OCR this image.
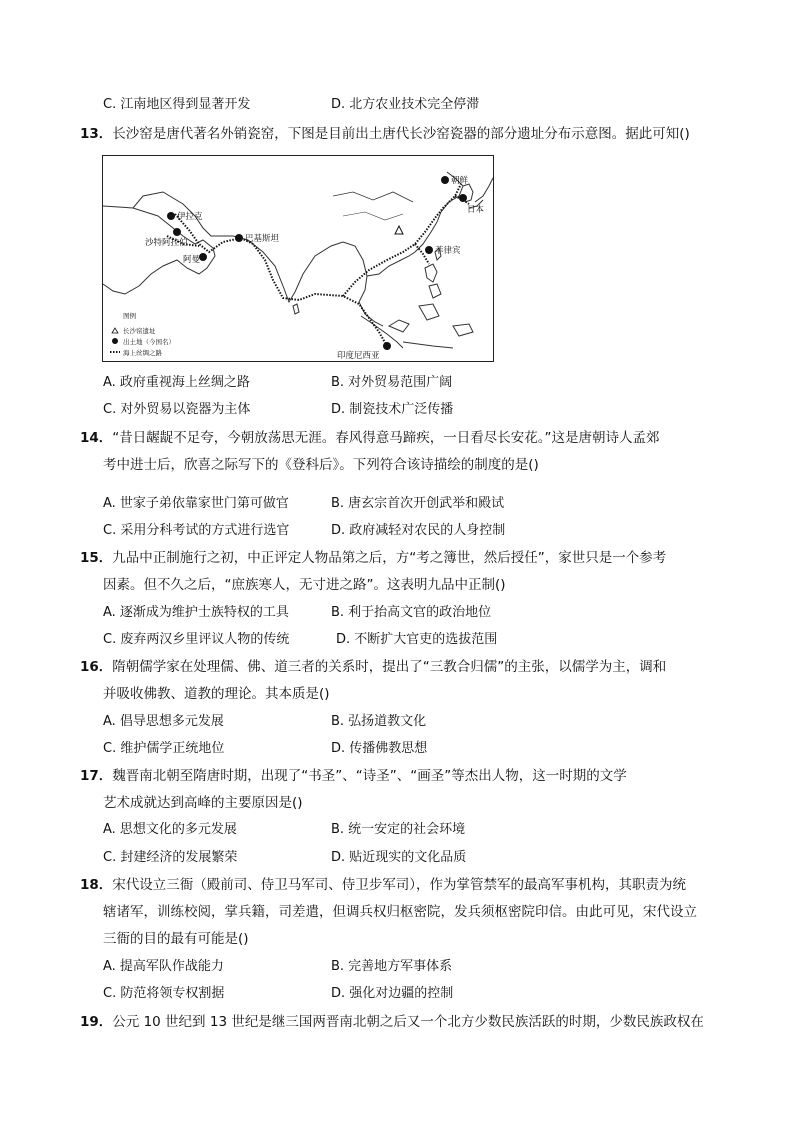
C. 江南地区得到显著开发	D. 北方农业技术完全停滞
13．长沙窑是唐代著名外销瓷窑，下图是目前出土唐代长沙窑瓷器的部分遗址分布示意图。据此可知()
伊拉克
沙特阿拉伯
阿曼
巴基斯坦
朝鲜
日本
菲律宾
印度尼西亚
图例
长沙窑遗址
出土地（今国名）
海上丝绸之路
A. 政府重视海上丝绸之路	B. 对外贸易范围广阔
C. 对外贸易以瓷器为主体	D. 制瓷技术广泛传播
14．“昔日龌龊不足夸，今朝放荡思无涯。春风得意马蹄疾，一日看尽长安花。”这是唐朝诗人孟郊
考中进士后，欣喜之际写下的《登科后》。下列符合该诗描绘的制度的是()
A. 世家子弟依靠家世门第可做官	B. 唐玄宗首次开创武举和殿试
C. 采用分科考试的方式进行选官	D. 政府减轻对农民的人身控制
15．九品中正制施行之初，中正评定人物品第之后，方“考之簿世，然后授任”，家世只是一个参考
因素。但不久之后，“庶族寒人，无寸进之路”。这表明九品中正制()
A. 逐渐成为维护士族特权的工具	B. 利于抬高文官的政治地位
C. 废弃两汉乡里评议人物的传统	D. 不断扩大官吏的选拔范围
16．隋朝儒学家在处理儒、佛、道三者的关系时，提出了“三教合归儒”的主张，以儒学为主，调和
并吸收佛教、道教的理论。其本质是()
A. 倡导思想多元发展	B. 弘扬道教文化
C. 维护儒学正统地位	D. 传播佛教思想
17．魏晋南北朝至隋唐时期，出现了“书圣”、“诗圣”、“画圣”等杰出人物，这一时期的文学
艺术成就达到高峰的主要原因是()
A. 思想文化的多元发展	B. 统一安定的社会环境
C. 封建经济的发展繁荣	D. 贴近现实的文化品质
18．宋代设立三衙（殿前司、侍卫马军司、侍卫步军司），作为掌管禁军的最高军事机构，其职责为统
辖诸军，训练校阅，掌兵籍，司差遣，但调兵权归枢密院，发兵须枢密院印信。由此可见，宋代设立
三衙的目的最有可能是()
A. 提高军队作战能力	B. 完善地方军事体系
C. 防范将领专权割据	D. 强化对边疆的控制
19．公元 10 世纪到 13 世纪是继三国两晋南北朝之后又一个北方少数民族活跃的时期，少数民族政权在
